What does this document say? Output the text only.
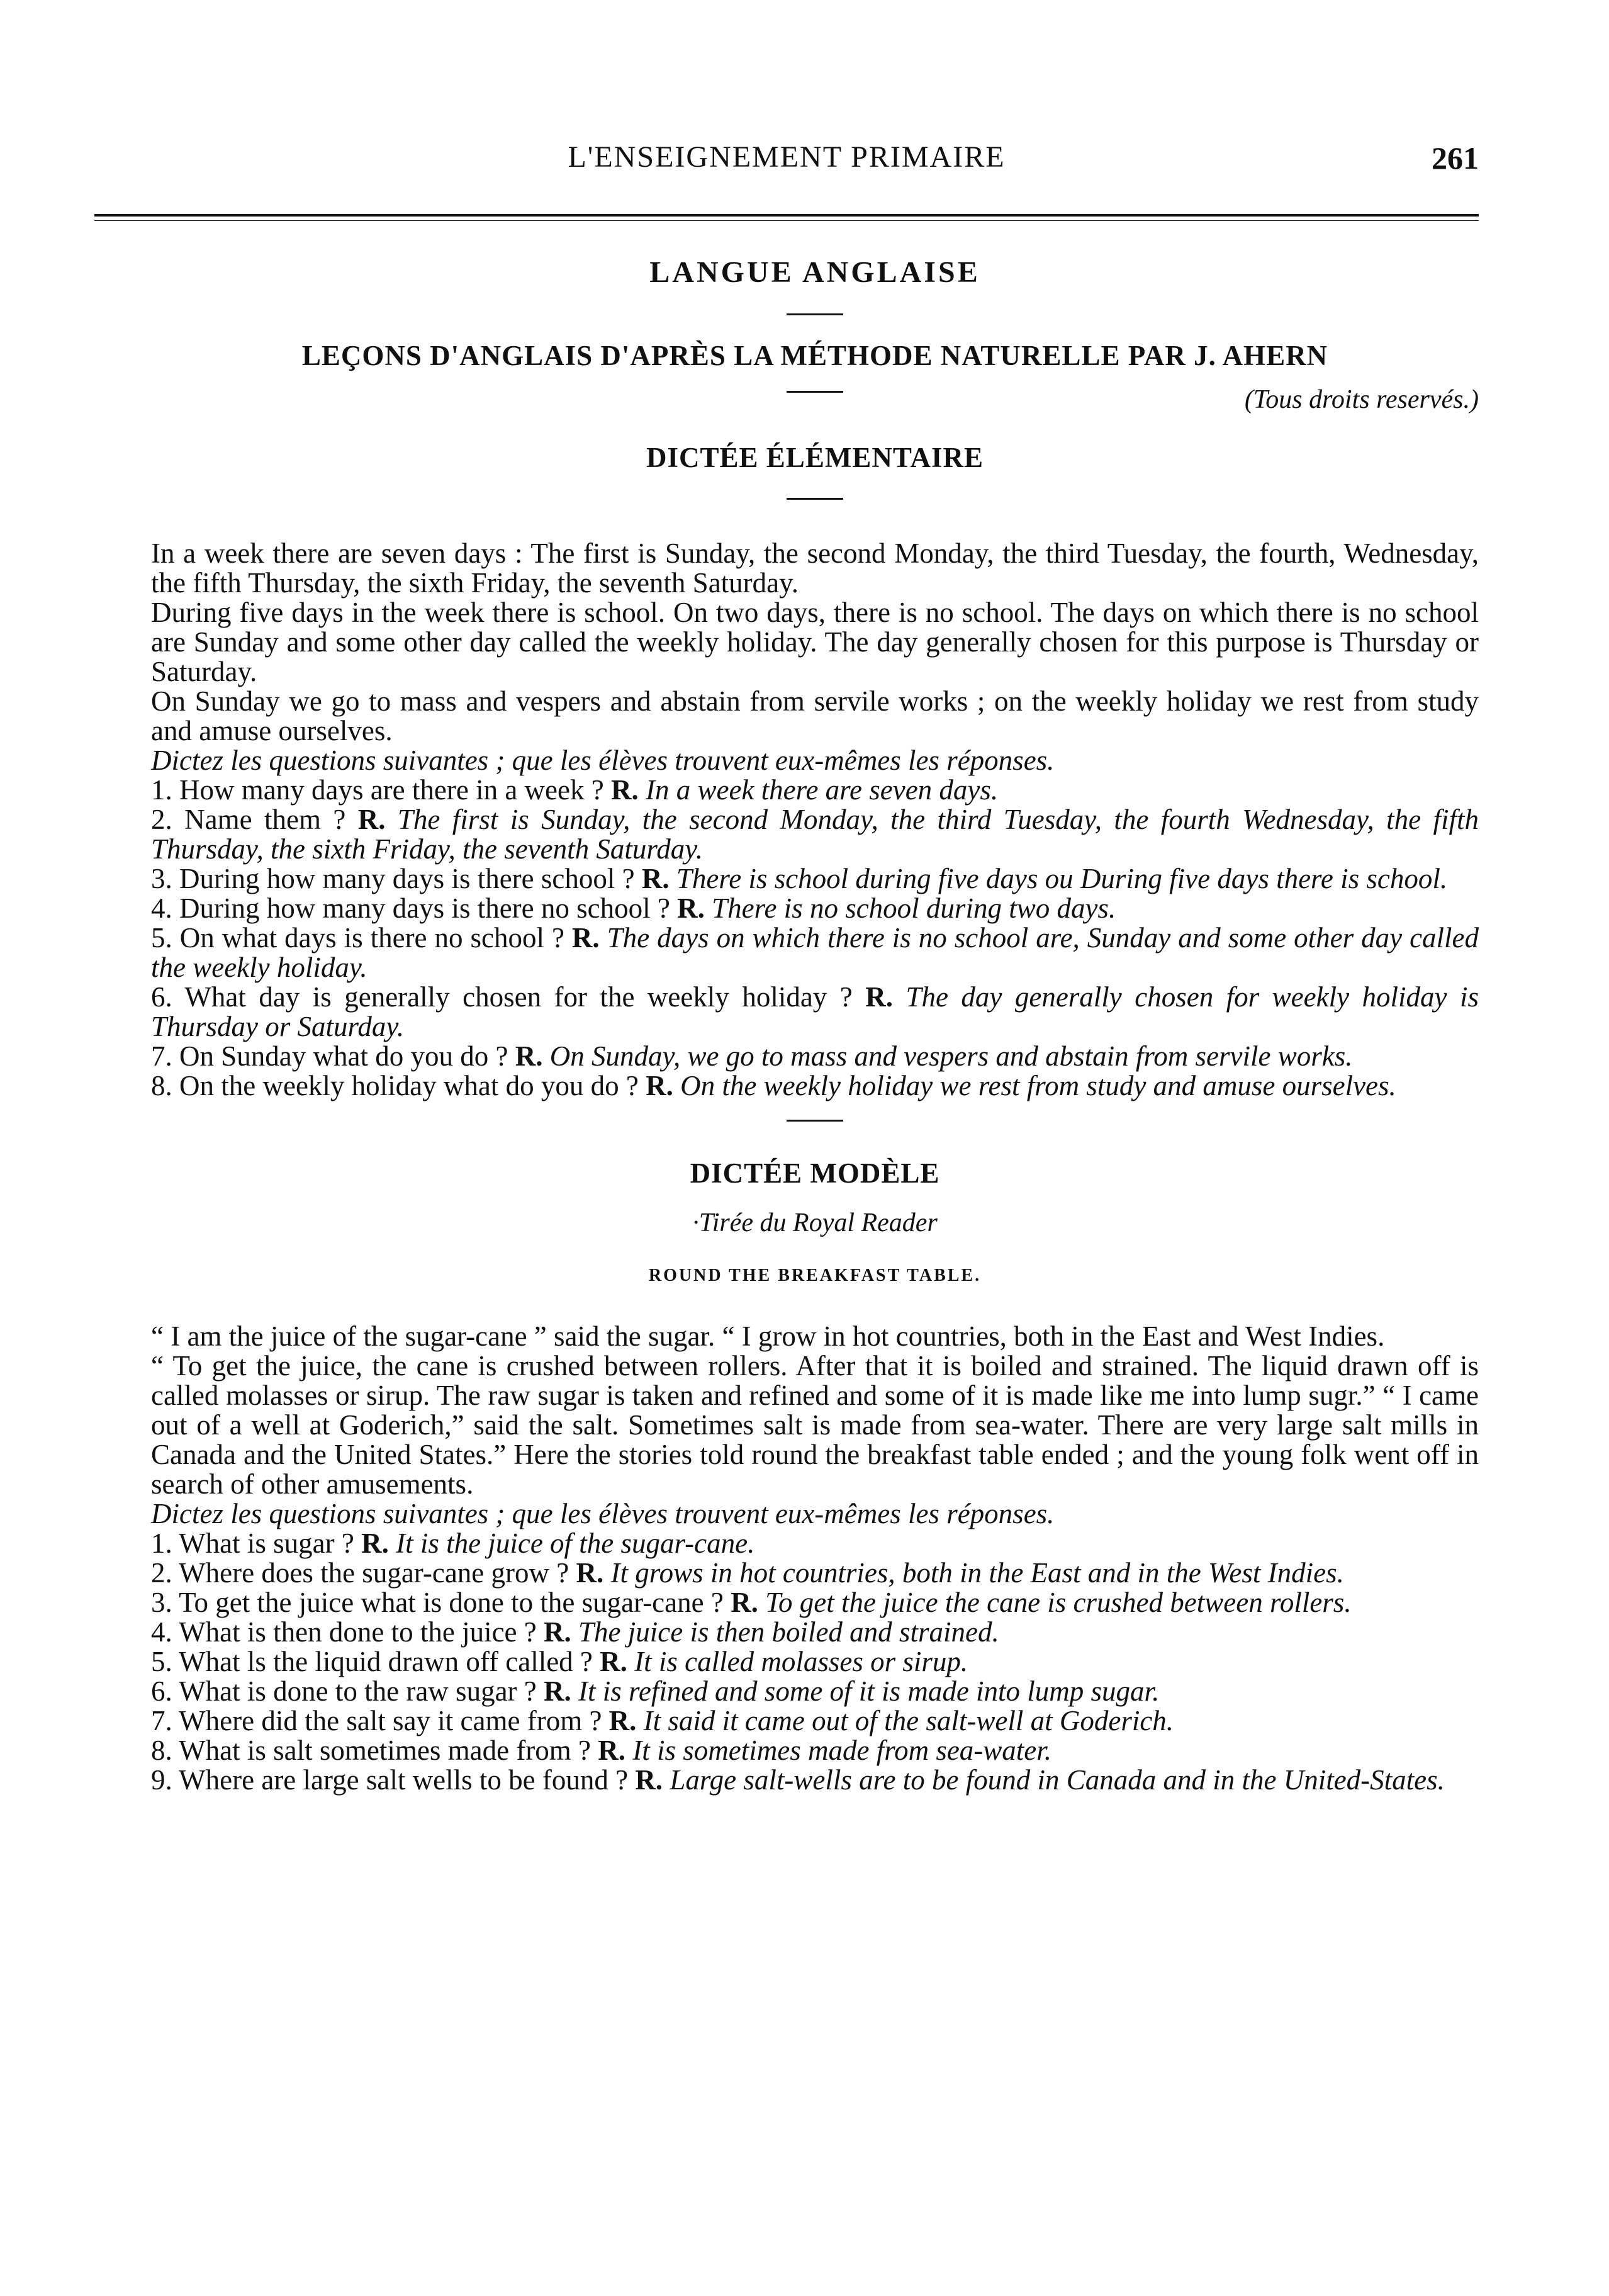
L'ENSEIGNEMENT PRIMAIRE	261
LANGUE ANGLAISE
LEÇONS D'ANGLAIS D'APRÈS LA MÉTHODE NATURELLE PAR J. AHERN
(Tous droits reservés.)
DICTÉE ÉLÉMENTAIRE

In a week there are seven days : The first is Sunday, the second Monday, the third Tuesday, the fourth, Wednesday, the fifth Thursday, the sixth Friday, the seventh Saturday.

During five days in the week there is school. On two days, there is no school. The days on which there is no school are Sunday and some other day called the weekly holiday. The day generally chosen for this purpose is Thursday or Saturday.

On Sunday we go to mass and vespers and abstain from servile works ; on the weekly holiday we rest from study and amuse ourselves.

Dictez les questions suivantes ; que les élèves trouvent eux-mêmes les réponses.

1. How many days are there in a week ? R. In a week there are seven days.

2. Name them ? R. The first is Sunday, the second Monday, the third Tuesday, the fourth Wednesday, the fifth Thursday, the sixth Friday, the seventh Saturday.

3. During how many days is there school ? R. There is school during five days ou During five days there is school.

4. During how many days is there no school ? R. There is no school during two days.

5. On what days is there no school ? R. The days on which there is no school are, Sunday and some other day called the weekly holiday.

6. What day is generally chosen for the weekly holiday ? R. The day generally chosen for weekly holiday is Thursday or Saturday.

7. On Sunday what do you do ? R. On Sunday, we go to mass and vespers and abstain from servile works.

8. On the weekly holiday what do you do ? R. On the weekly holiday we rest from study and amuse ourselves.

DICTÉE MODÈLE

·Tirée du Royal Reader

ROUND THE BREAKFAST TABLE.

“ I am the juice of the sugar-cane ” said the sugar. “ I grow in hot countries, both in the East and West Indies.

“ To get the juice, the cane is crushed between rollers. After that it is boiled and strained. The liquid drawn off is called molasses or sirup. The raw sugar is taken and refined and some of it is made like me into lump sugr.” “ I came out of a well at Goderich,” said the salt. Sometimes salt is made from sea-water. There are very large salt mills in Canada and the United States.” Here the stories told round the breakfast table ended ; and the young folk went off in search of other amusements.

Dictez les questions suivantes ; que les élèves trouvent eux-mêmes les réponses.

1. What is sugar ? R. It is the juice of the sugar-cane.

2. Where does the sugar-cane grow ? R. It grows in hot countries, both in the East and in the West Indies.

3. To get the juice what is done to the sugar-cane ? R. To get the juice the cane is crushed between rollers.

4. What is then done to the juice ? R. The juice is then boiled and strained.

5. What ls the liquid drawn off called ? R. It is called molasses or sirup.

6. What is done to the raw sugar ? R. It is refined and some of it is made into lump sugar.

7. Where did the salt say it came from ? R. It said it came out of the salt-well at Goderich.

8. What is salt sometimes made from ? R. It is sometimes made from sea-water.

9. Where are large salt wells to be found ? R. Large salt-wells are to be found in Canada and in the United-States.
